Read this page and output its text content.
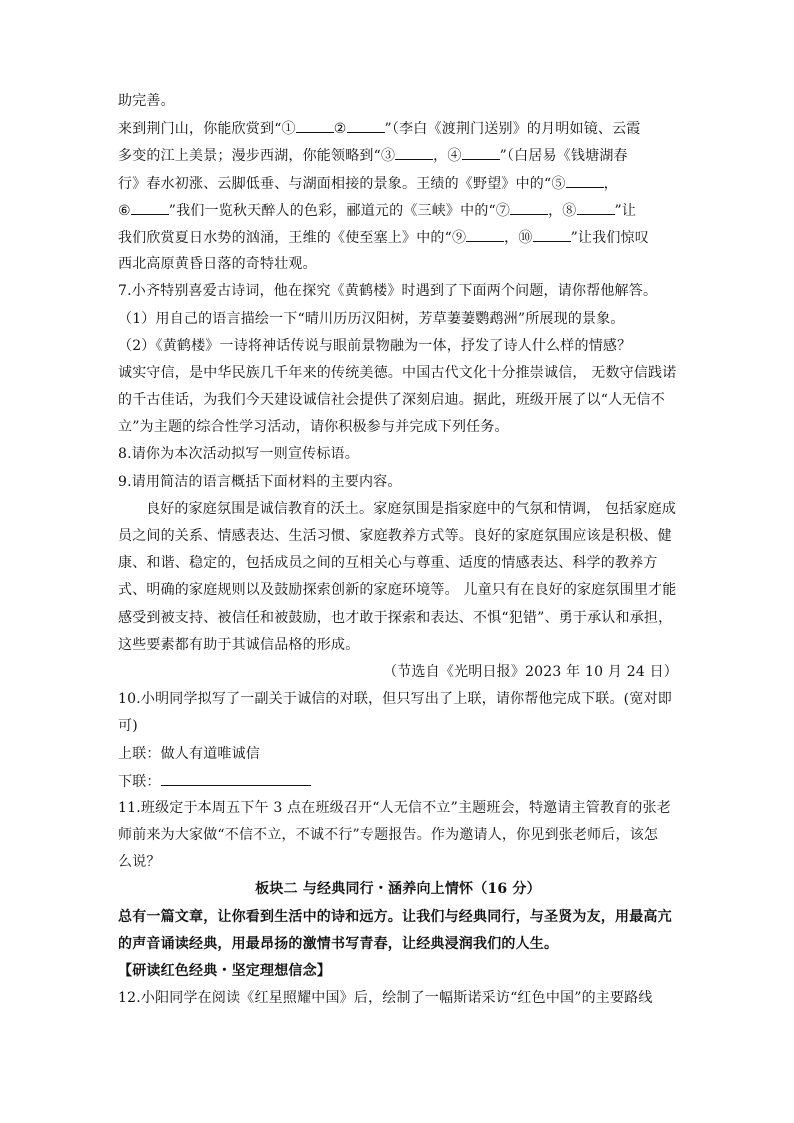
助完善。
来到荆门山，你能欣赏到“①	②	”（李白《渡荆门送别》的月明如镜、云霞
多变的江上美景；漫步西湖，你能领略到“③	，④	”（白居易《钱塘湖春
行》春水初涨、云脚低垂、与湖面相接的景象。王绩的《野望》中的“⑤	，
⑥	”我们一览秋天醉人的色彩，郦道元的《三峡》中的“⑦	，⑧	”让
我们欣赏夏日水势的汹涌，王维的《使至塞上》中的“⑨	，⑩	”让我们惊叹
西北高原黄昏日落的奇特壮观。
7.小齐特别喜爱古诗词，他在探究《黄鹤楼》时遇到了下面两个问题，请你帮他解答。
（1）用自己的语言描绘一下“晴川历历汉阳树，芳草萋萋鹦鹉洲”所展现的景象。
（2）《黄鹤楼》一诗将神话传说与眼前景物融为一体，抒发了诗人什么样的情感？
诚实守信，是中华民族几千年来的传统美德。中国古代文化十分推崇诚信， 无数守信践诺
的千古佳话，为我们今天建设诚信社会提供了深刻启迪。据此，班级开展了以“人无信不
立”为主题的综合性学习活动，请你积极参与并完成下列任务。
8.请你为本次活动拟写一则宣传标语。
9.请用简洁的语言概括下面材料的主要内容。
良好的家庭氛围是诚信教育的沃土。家庭氛围是指家庭中的气氛和情调， 包括家庭成
员之间的关系、情感表达、生活习惯、家庭教养方式等。良好的家庭氛围应该是积极、健
康、和谐、稳定的，包括成员之间的互相关心与尊重、适度的情感表达、科学的教养方
式、明确的家庭规则以及鼓励探索创新的家庭环境等。 儿童只有在良好的家庭氛围里才能
感受到被支持、被信任和被鼓励，也才敢于探索和表达、不惧“犯错”、勇于承认和承担，
这些要素都有助于其诚信品格的形成。
（节选自《光明日报》2023 年 10 月 24 日）
10.小明同学拟写了一副关于诚信的对联，但只写出了上联，请你帮他完成下联。(宽对即
可)
上联：做人有道唯诚信
下联：
11.班级定于本周五下午 3 点在班级召开“人无信不立”主题班会，特邀请主管教育的张老
师前来为大家做“不信不立，不诚不行”专题报告。作为邀请人，你见到张老师后，该怎
么说？
板块二 与经典同行・涵养向上情怀（16 分）
总有一篇文章，让你看到生活中的诗和远方。让我们与经典同行，与圣贤为友，用最高亢
的声音诵读经典，用最昂扬的激情书写青春，让经典浸润我们的人生。
【研读红色经典・坚定理想信念】
12.小阳同学在阅读《红星照耀中国》后，绘制了一幅斯诺采访“红色中国”的主要路线
